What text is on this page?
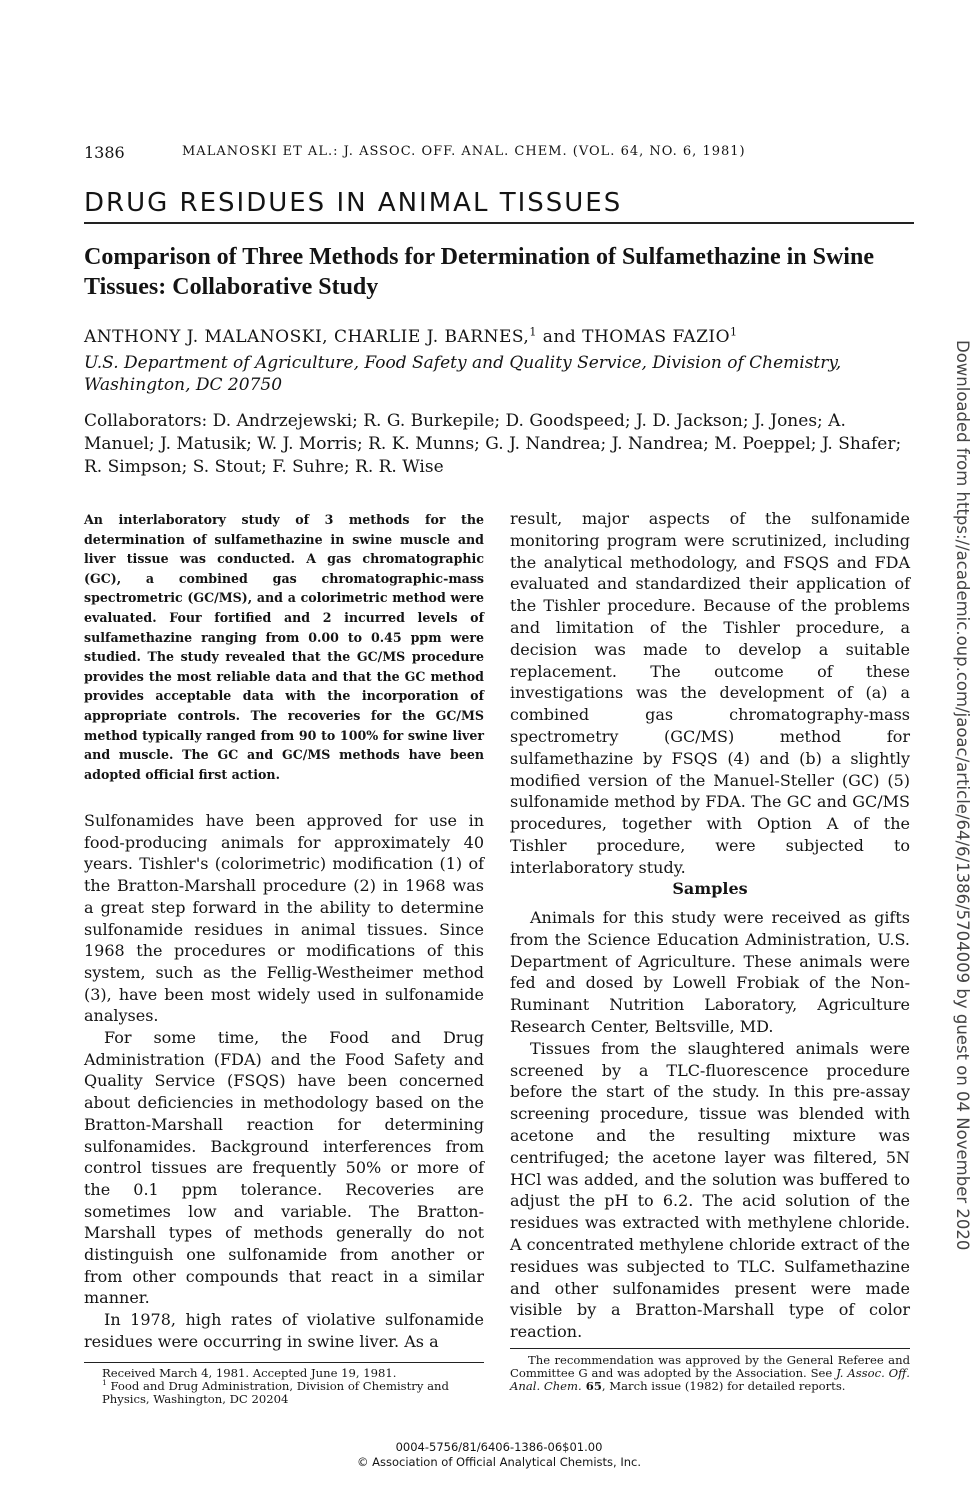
1386	MALANOSKI ET AL.: J. ASSOC. OFF. ANAL. CHEM. (VOL. 64, NO. 6, 1981)
DRUG RESIDUES IN ANIMAL TISSUES
Comparison of Three Methods for Determination of Sulfamethazine in Swine Tissues: Collaborative Study
ANTHONY J. MALANOSKI, CHARLIE J. BARNES,$^1$ and THOMAS FAZIO$^1$
U.S. Department of Agriculture, Food Safety and Quality Service, Division of Chemistry, Washington, DC 20750
Collaborators: D. Andrzejewski; R. G. Burkepile; D. Goodspeed; J. D. Jackson; J. Jones; A. Manuel; J. Matusik; W. J. Morris; R. K. Munns; G. J. Nandrea; J. Nandrea; M. Poeppel; J. Shafer; R. Simpson; S. Stout; F. Suhre; R. R. Wise
An interlaboratory study of 3 methods for the determination of sulfamethazine in swine muscle and liver tissue was conducted. A gas chromatographic (GC), a combined gas chromatographic-mass spectrometric (GC/MS), and a colorimetric method were evaluated. Four fortified and 2 incurred levels of sulfamethazine ranging from 0.00 to 0.45 ppm were studied. The study revealed that the GC/MS procedure provides the most reliable data and that the GC method provides acceptable data with the incorporation of appropriate controls. The recoveries for the GC/MS method typically ranged from 90 to 100% for swine liver and muscle. The GC and GC/MS methods have been adopted official first action.

Sulfonamides have been approved for use in food-producing animals for approximately 40 years. Tishler's (colorimetric) modification (1) of the Bratton-Marshall procedure (2) in 1968 was a great step forward in the ability to determine sulfonamide residues in animal tissues. Since 1968 the procedures or modifications of this system, such as the Fellig-Westheimer method (3), have been most widely used in sulfonamide analyses.

For some time, the Food and Drug Administration (FDA) and the Food Safety and Quality Service (FSQS) have been concerned about deficiencies in methodology based on the Bratton-Marshall reaction for determining sulfonamides. Background interferences from control tissues are frequently 50% or more of the 0.1 ppm tolerance. Recoveries are sometimes low and variable. The Bratton-Marshall types of methods generally do not distinguish one sulfonamide from another or from other compounds that react in a similar manner.

In 1978, high rates of violative sulfonamide residues were occurring in swine liver. As a

result, major aspects of the sulfonamide monitoring program were scrutinized, including the analytical methodology, and FSQS and FDA evaluated and standardized their application of the Tishler procedure. Because of the problems and limitation of the Tishler procedure, a decision was made to develop a suitable replacement. The outcome of these investigations was the development of (a) a combined gas chromatography-mass spectrometry (GC/MS) method for sulfamethazine by FSQS (4) and (b) a slightly modified version of the Manuel-Steller (GC) (5) sulfonamide method by FDA. The GC and GC/MS procedures, together with Option A of the Tishler procedure, were subjected to interlaboratory study.

Samples

Animals for this study were received as gifts from the Science Education Administration, U.S. Department of Agriculture. These animals were fed and dosed by Lowell Frobiak of the Non-Ruminant Nutrition Laboratory, Agriculture Research Center, Beltsville, MD.

Tissues from the slaughtered animals were screened by a TLC-fluorescence procedure before the start of the study. In this pre-assay screening procedure, tissue was blended with acetone and the resulting mixture was centrifuged; the acetone layer was filtered, 5N HCl was added, and the solution was buffered to adjust the pH to 6.2. The acid solution of the residues was extracted with methylene chloride. A concentrated methylene chloride extract of the residues was subjected to TLC. Sulfamethazine and other sulfonamides present were made visible by a Bratton-Marshall type of color reaction.

Received March 4, 1981. Accepted June 19, 1981.
$^1$ Food and Drug Administration, Division of Chemistry and Physics, Washington, DC 20204
The recommendation was approved by the General Referee and Committee G and was adopted by the Association. See J. Assoc. Off. Anal. Chem. 65, March issue (1982) for detailed reports.
0004-5756/81/6406-1386-06$01.00
© Association of Official Analytical Chemists, Inc.
Downloaded from https://academic.oup.com/jaoac/article/64/6/1386/5704009 by guest on 04 November 2020
